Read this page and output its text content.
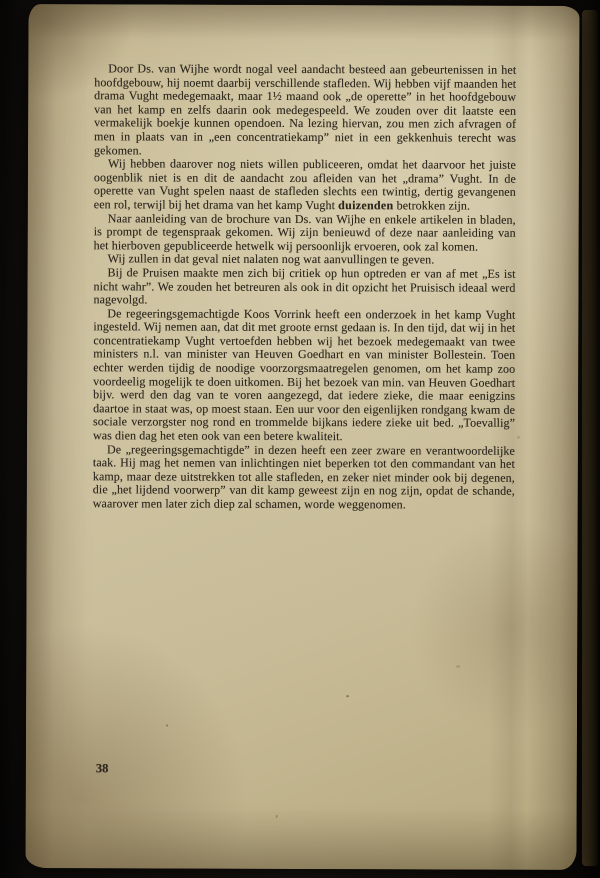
Door Ds. van Wijhe wordt nogal veel aandacht besteed aan gebeurtenissen in het hoofdgebouw, hij noemt daarbij verschillende stafleden. Wij hebben vijf maanden het drama Vught medegemaakt, maar 1½ maand ook „de operette” in het hoofdgebouw van het kamp en zelfs daarin ook medegespeeld. We zouden over dit laatste een vermakelijk boekje kunnen opendoen. Na lezing hiervan, zou men zich afvragen of men in plaats van in „een concentratiekamp” niet in een gekkenhuis terecht was gekomen.

Wij hebben daarover nog niets willen publiceeren, omdat het daarvoor het juiste oogenblik niet is en dit de aandacht zou afleiden van het „drama” Vught. In de operette van Vught spelen naast de stafleden slechts een twintig, dertig gevangenen een rol, terwijl bij het drama van het kamp Vught duizenden betrokken zijn.

Naar aanleiding van de brochure van Ds. van Wijhe en enkele artikelen in bladen, is prompt de tegenspraak gekomen. Wij zijn benieuwd of deze naar aanleiding van het hierboven gepubliceerde hetwelk wij persoonlijk ervoeren, ook zal komen.

Wij zullen in dat geval niet nalaten nog wat aanvullingen te geven.

Bij de Pruisen maakte men zich bij critiek op hun optreden er van af met „Es ist nicht wahr”. We zouden het betreuren als ook in dit opzicht het Pruisisch ideaal werd nagevolgd.

De regeeringsgemachtigde Koos Vorrink heeft een onderzoek in het kamp Vught ingesteld. Wij nemen aan, dat dit met groote ernst gedaan is. In den tijd, dat wij in het concentratiekamp Vught vertoefden hebben wij het bezoek medegemaakt van twee ministers n.l. van minister van Heuven Goedhart en van minister Bollestein. Toen echter werden tijdig de noodige voorzorgsmaatregelen genomen, om het kamp zoo voordeelig mogelijk te doen uitkomen. Bij het bezoek van min. van Heuven Goedhart bijv. werd den dag van te voren aangezegd, dat iedere zieke, die maar eenigzins daartoe in staat was, op moest staan. Een uur voor den eigenlijken rondgang kwam de sociale verzorgster nog rond en trommelde bijkans iedere zieke uit bed. „Toevallig” was dien dag het eten ook van een betere kwaliteit.

De „regeeringsgemachtigde” in dezen heeft een zeer zware en verantwoordelijke taak. Hij mag het nemen van inlichtingen niet beperken tot den commandant van het kamp, maar deze uitstrekken tot alle stafleden, en zeker niet minder ook bij degenen, die „het lijdend voorwerp” van dit kamp geweest zijn en nog zijn, opdat de schande, waarover men later zich diep zal schamen, worde weggenomen.

38
